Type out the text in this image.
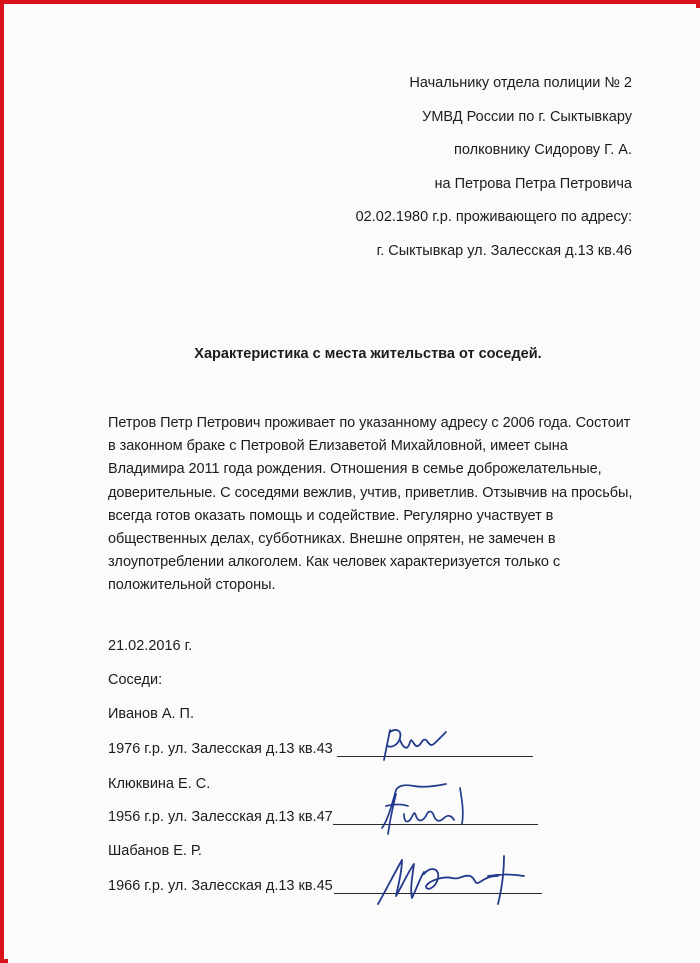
Начальнику отдела полиции № 2
УМВД России по г. Сыктывкару
полковнику Сидорову Г. А.
на Петрова Петра Петровича
02.02.1980 г.р. проживающего по адресу:
г. Сыктывкар ул. Залесская д.13 кв.46
Характеристика с места жительства от соседей.
Петров Петр Петрович проживает по указанному адресу с 2006 года. Состоит
в законном браке с Петровой Елизаветой Михайловной, имеет сына
Владимира 2011 года рождения. Отношения в семье доброжелательные,
доверительные. С соседями вежлив, учтив, приветлив. Отзывчив на просьбы,
всегда готов оказать помощь и содействие. Регулярно участвует в
общественных делах, субботниках. Внешне опрятен, не замечен в
злоупотреблении алкоголем. Как человек характеризуется только с
положительной стороны.
21.02.2016 г.
Соседи:
Иванов А. П.
1976 г.р. ул. Залесская д.13 кв.43
Клюквина Е. С.
1956 г.р. ул. Залесская д.13 кв.47
Шабанов Е. Р.
1966 г.р. ул. Залесская д.13 кв.45
